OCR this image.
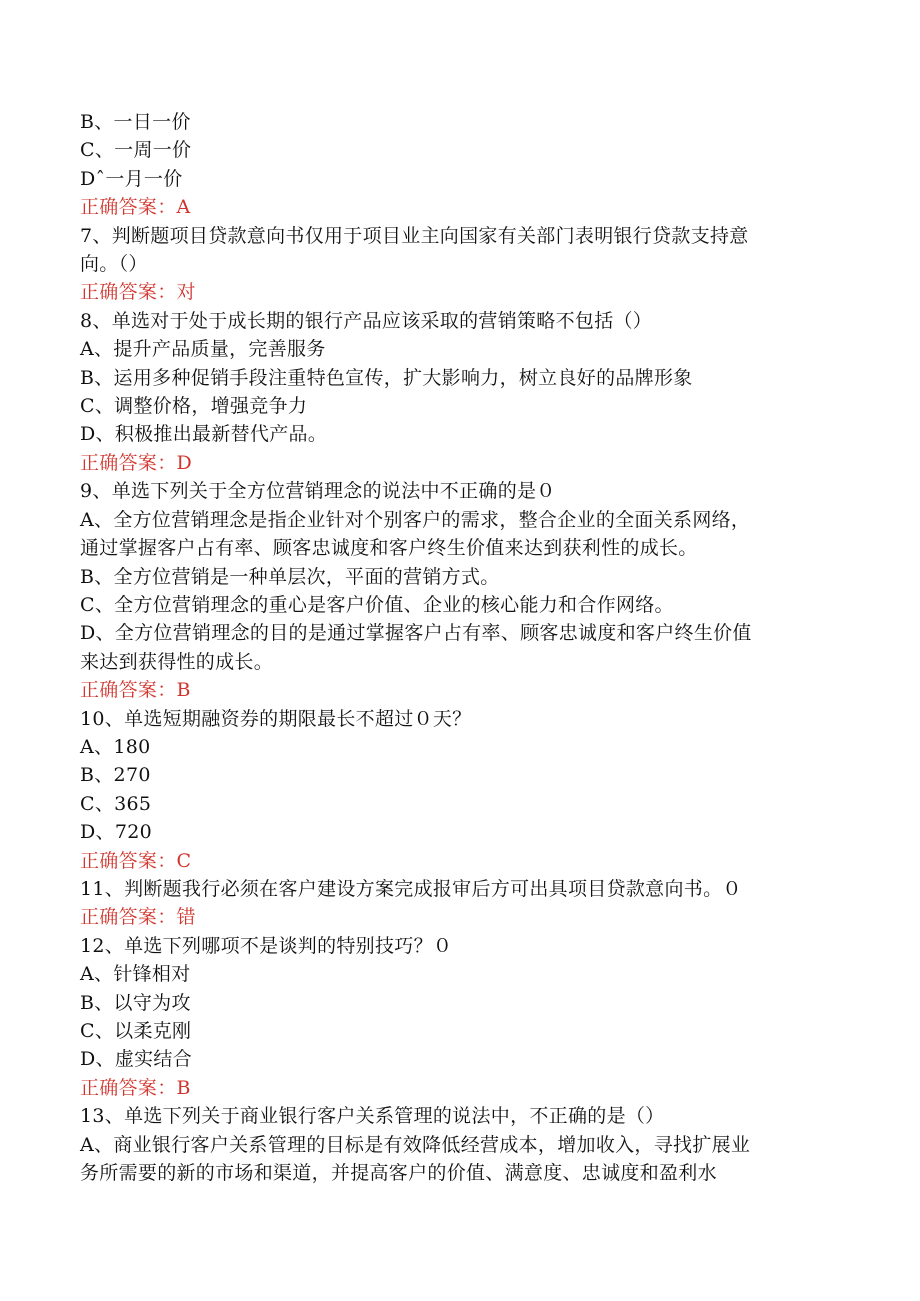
B、一日一价
C、一周一价
Dˆ一月一价
正确答案：A
7、判断题项目贷款意向书仅用于项目业主向国家有关部门表明银行贷款支持意
向。（）
正确答案：对
8、单选对于处于成长期的银行产品应该采取的营销策略不包括（）
A、提升产品质量，完善服务
B、运用多种促销手段注重特色宣传，扩大影响力，树立良好的品牌形象
C、调整价格，增强竞争力
D、积极推出最新替代产品。
正确答案：D
9、单选下列关于全方位营销理念的说法中不正确的是０
A、全方位营销理念是指企业针对个别客户的需求，整合企业的全面关系网络，
通过掌握客户占有率、顾客忠诚度和客户终生价值来达到获利性的成长。
B、全方位营销是一种单层次，平面的营销方式。
C、全方位营销理念的重心是客户价值、企业的核心能力和合作网络。
D、全方位营销理念的目的是通过掌握客户占有率、顾客忠诚度和客户终生价值
来达到获得性的成长。
正确答案：B
10、单选短期融资券的期限最长不超过０天？
A、180
B、270
C、365
D、720
正确答案：C
11、判断题我行必须在客户建设方案完成报审后方可出具项目贷款意向书。０
正确答案：错
12、单选下列哪项不是谈判的特别技巧？０
A、针锋相对
B、以守为攻
C、以柔克刚
D、虚实结合
正确答案：B
13、单选下列关于商业银行客户关系管理的说法中，不正确的是（）
A、商业银行客户关系管理的目标是有效降低经营成本，增加收入，寻找扩展业
务所需要的新的市场和渠道，并提高客户的价值、满意度、忠诚度和盈利水
